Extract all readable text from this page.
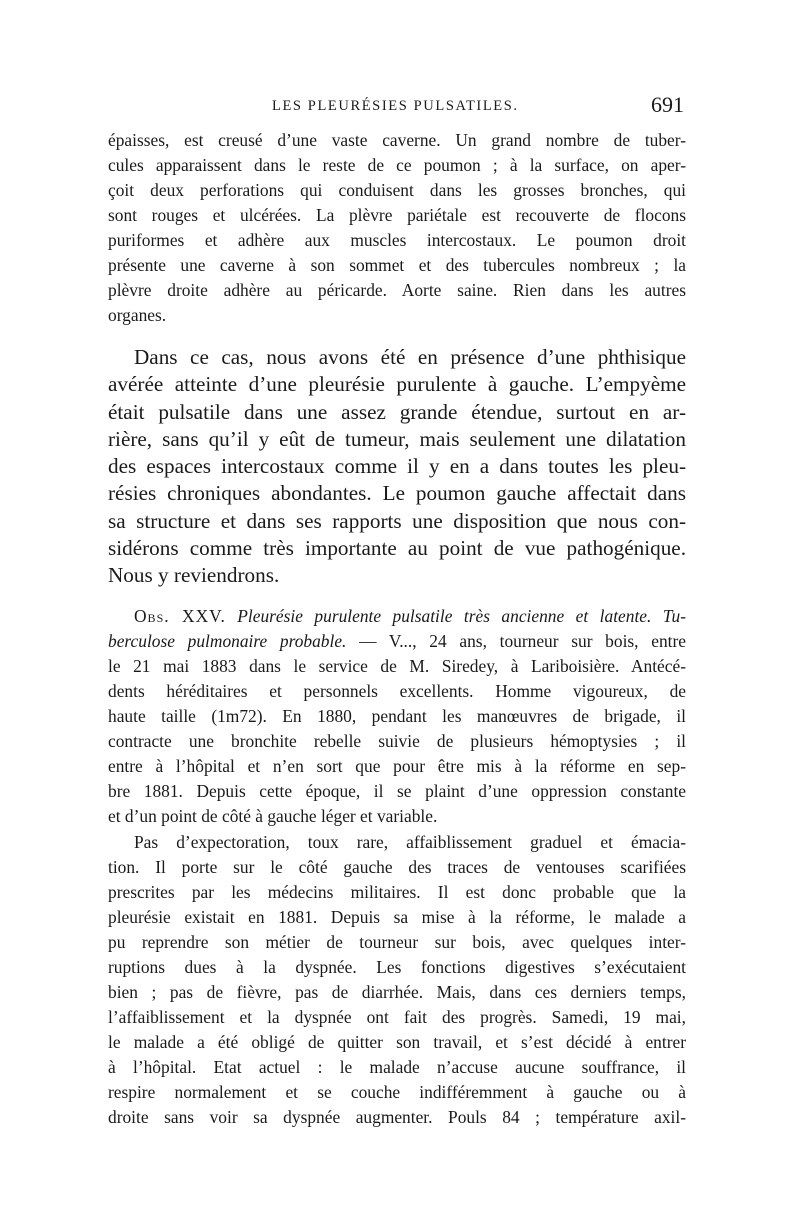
LES PLEURÉSIES PULSATILES.	691
épaisses, est creusé d’une vaste caverne. Un grand nombre de tuber-
cules apparaissent dans le reste de ce poumon ; à la surface, on aper-
çoit deux perforations qui conduisent dans les grosses bronches, qui
sont rouges et ulcérées. La plèvre pariétale est recouverte de flocons
puriformes et adhère aux muscles intercostaux. Le poumon droit
présente une caverne à son sommet et des tubercules nombreux ; la
plèvre droite adhère au péricarde. Aorte saine. Rien dans les autres
organes.
Dans ce cas, nous avons été en présence d’une phthisique
avérée atteinte d’une pleurésie purulente à gauche. L’empyème
était pulsatile dans une assez grande étendue, surtout en ar-
rière, sans qu’il y eût de tumeur, mais seulement une dilatation
des espaces intercostaux comme il y en a dans toutes les pleu-
résies chroniques abondantes. Le poumon gauche affectait dans
sa structure et dans ses rapports une disposition que nous con-
sidérons comme très importante au point de vue pathogénique.
Nous y reviendrons.
Obs. XXV. Pleurésie purulente pulsatile très ancienne et latente. Tu-
berculose pulmonaire probable. — V..., 24 ans, tourneur sur bois, entre
le 21 mai 1883 dans le service de M. Siredey, à Lariboisière. Antécé-
dents héréditaires et personnels excellents. Homme vigoureux, de
haute taille (1m72). En 1880, pendant les manœuvres de brigade, il
contracte une bronchite rebelle suivie de plusieurs hémoptysies ; il
entre à l’hôpital et n’en sort que pour être mis à la réforme en sep-
bre 1881. Depuis cette époque, il se plaint d’une oppression constante
et d’un point de côté à gauche léger et variable.
Pas d’expectoration, toux rare, affaiblissement graduel et émacia-
tion. Il porte sur le côté gauche des traces de ventouses scarifiées
prescrites par les médecins militaires. Il est donc probable que la
pleurésie existait en 1881. Depuis sa mise à la réforme, le malade a
pu reprendre son métier de tourneur sur bois, avec quelques inter-
ruptions dues à la dyspnée. Les fonctions digestives s’exécutaient
bien ; pas de fièvre, pas de diarrhée. Mais, dans ces derniers temps,
l’affaiblissement et la dyspnée ont fait des progrès. Samedi, 19 mai,
le malade a été obligé de quitter son travail, et s’est décidé à entrer
à l’hôpital. Etat actuel : le malade n’accuse aucune souffrance, il
respire normalement et se couche indifféremment à gauche ou à
droite sans voir sa dyspnée augmenter. Pouls 84 ; température axil-
